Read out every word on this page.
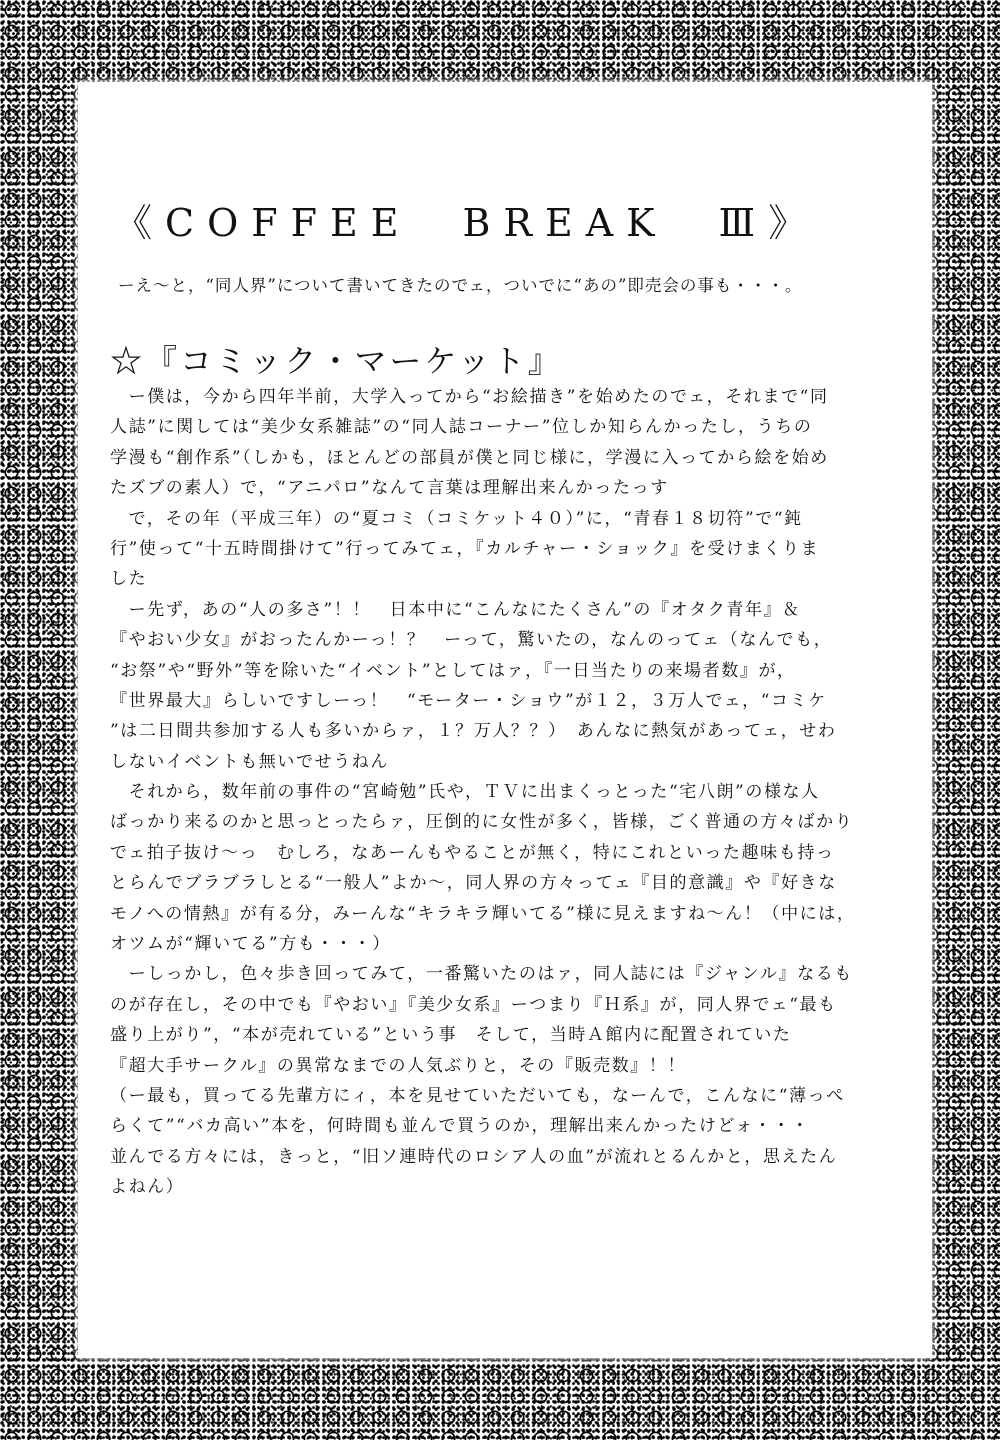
《COFFEE　BREAK　Ⅲ》
ーえ〜と，“同人界”について書いてきたのでェ，ついでに“あの”即売会の事も・・・。
☆『コミック・マーケット』
　ー僕は，今から四年半前，大学入ってから“お絵描き”を始めたのでェ，それまで“同
人誌”に関しては“美少女系雑誌”の“同人誌コーナー”位しか知らんかったし，うちの
学漫も“創作系”（しかも，ほとんどの部員が僕と同じ様に，学漫に入ってから絵を始め
たズブの素人）で，“アニパロ”なんて言葉は理解出来んかったっす
　で，その年（平成三年）の“夏コミ（コミケット４０）”に，“青春１８切符”で“鈍
行”使って“十五時間掛けて”行ってみてェ，『カルチャー・ショック』を受けまくりま
した
　ー先ず，あの“人の多さ”！！　日本中に“こんなにたくさん”の『オタク青年』＆
『やおい少女』がおったんかーっ！？　ーって，驚いたの，なんのってェ（なんでも，
“お祭”や“野外”等を除いた“イベント”としてはァ，『一日当たりの来場者数』が，
『世界最大』らしいですしーっ！　“モーター・ショウ”が１２，３万人でェ，“コミケ
”は二日間共参加する人も多いからァ，１？万人？？）　あんなに熱気があってェ，せわ
しないイベントも無いでせうねん
　それから，数年前の事件の“宮崎勉”氏や，ＴＶに出まくっとった“宅八朗”の様な人
ばっかり来るのかと思っとったらァ，圧倒的に女性が多く，皆様，ごく普通の方々ばかり
でェ拍子抜け〜っ　むしろ，なあーんもやることが無く，特にこれといった趣味も持っ
とらんでブラブラしとる“一般人”よか〜，同人界の方々ってェ『目的意識』や『好きな
モノへの情熱』が有る分，みーんな“キラキラ輝いてる”様に見えますね〜ん！（中には，
オツムが“輝いてる”方も・・・）
　ーしっかし，色々歩き回ってみて，一番驚いたのはァ，同人誌には『ジャンル』なるも
のが存在し，その中でも『やおい』『美少女系』ーつまり『Ｈ系』が，同人界でェ“最も
盛り上がり”，“本が売れている”という事　そして，当時Ａ館内に配置されていた
『超大手サークル』の異常なまでの人気ぶりと，その『販売数』！！
（ー最も，買ってる先輩方にィ，本を見せていただいても，なーんで，こんなに“薄っぺ
らくて”“バカ高い”本を，何時間も並んで買うのか，理解出来んかったけどォ・・・
並んでる方々には，きっと，“旧ソ連時代のロシア人の血”が流れとるんかと，思えたん
よねん）
